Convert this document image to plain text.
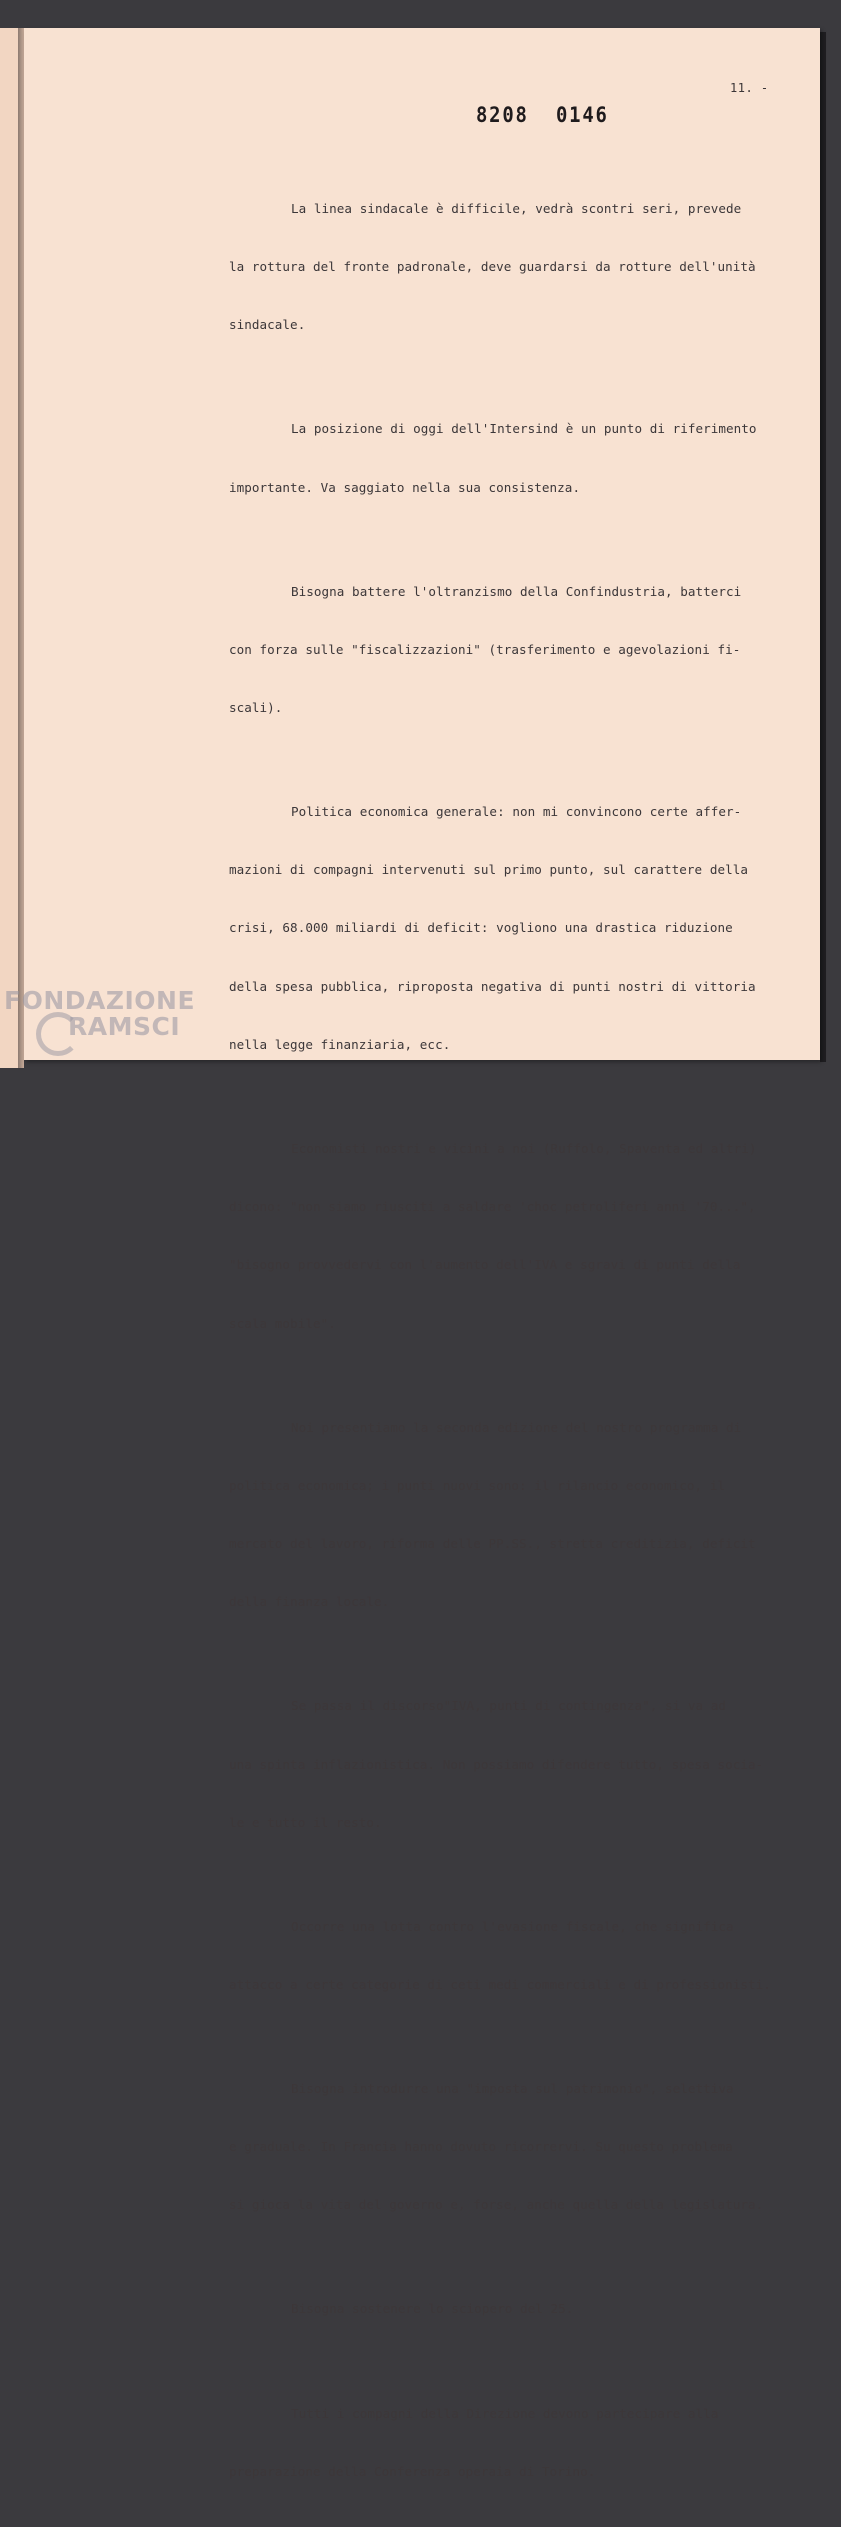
11. -
8208 0146

La linea sindacale è difficile, vedrà scontri seri, prevede

la rottura del fronte padronale, deve guardarsi da rotture dell'unità

sindacale.

La posizione di oggi dell'Intersind è un punto di riferimento

importante. Va saggiato nella sua consistenza.

Bisogna battere l'oltranzismo della Confindustria, batterci

con forza sulle "fiscalizzazioni" (trasferimento e agevolazioni fi-

scali).

Politica economica generale: non mi convincono certe affer-

mazioni di compagni intervenuti sul primo punto, sul carattere della

crisi, 68.000 miliardi di deficit: vogliono una drastica riduzione

della spesa pubblica, riproposta negativa di punti nostri di vittoria

nella legge finanziaria, ecc.

Economisti nostri e vicini a noi (Ruffolo, Spaventa ed altri)

dicono: "non siamo riusciti a saldare 'choc petroliferi anni '70...",

"bisogno provvedervi con l'aumento dell'IVA e sgravi di punti della

scala mobile".

Noi presentiamo la seconda edizione del nostro programma di

politica economica; i punti nuovi sono: il rilancio economico, il

mercato del lavoro, riforma delle PP.SS., stretta creditizia, deficit

della finanza locale.

Se passa il discorso"IVA, punti di contingenza", si va ad

una spinta inflazionistica. Non possiamo difendere tutto, spesa socia-

le e tutto il resto.

Occorre una lotta contro l'evasione fiscale, che significa

attacco a certe categorie di ceti medi commerciali e di professionisti.

Bisogna introdurre una "imposta sul patrimonio", selettiva

e graduale. In Francia hanno dovuto ricorrervi. Su questo problema

si gioca la vita del governo e, forse, anche quella della legislatura.

Bisogna sostenere lo sciopero del 25.

Tutti i compagni della Direzione devono partecipare alla

preparazione della Conferenza operaia di Torino.

FONDAZIONE
RAMSCI
